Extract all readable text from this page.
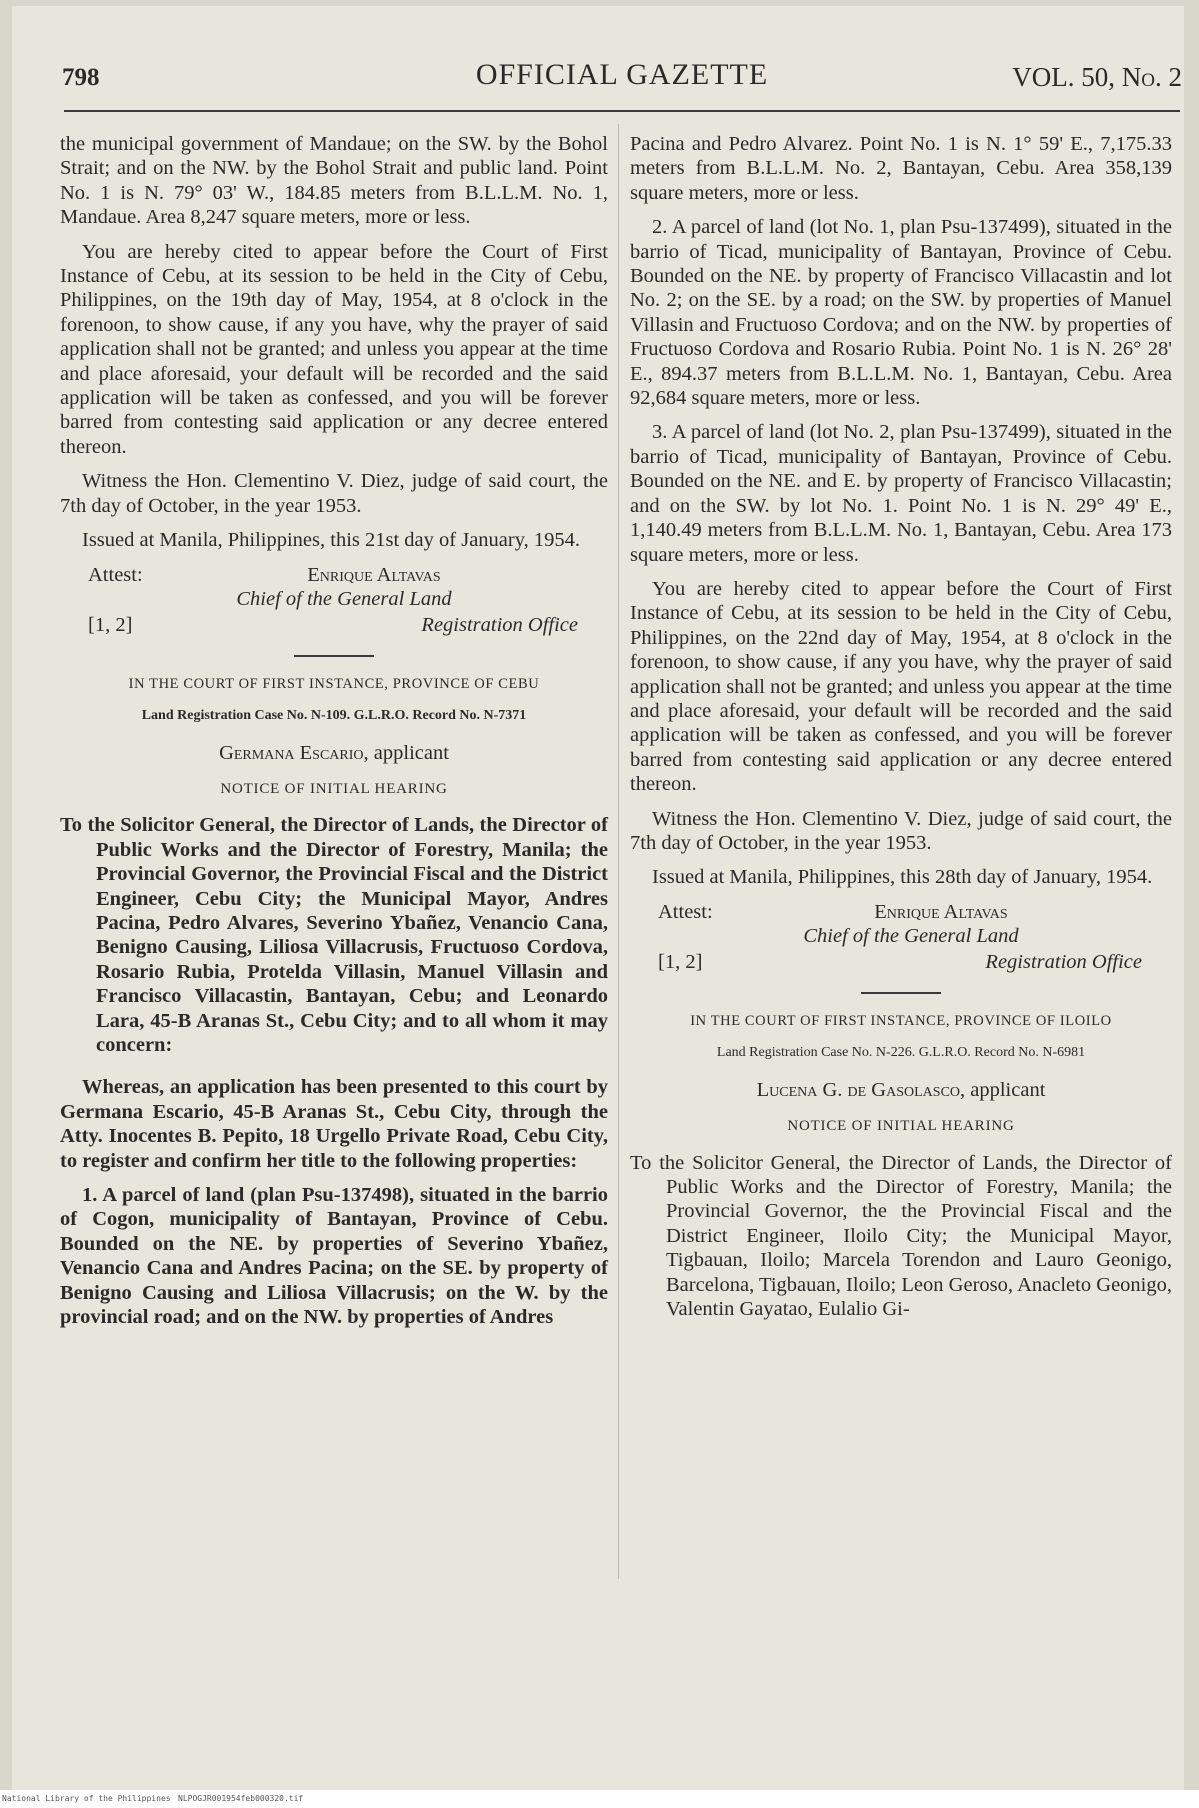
798	OFFICIAL GAZETTE	VOL. 50, No. 2

the municipal government of Mandaue; on the SW. by the Bohol Strait; and on the NW. by the Bohol Strait and public land. Point No. 1 is N. 79° 03' W., 184.85 meters from B.L.L.M. No. 1, Mandaue. Area 8,247 square meters, more or less.

You are hereby cited to appear before the Court of First Instance of Cebu, at its session to be held in the City of Cebu, Philippines, on the 19th day of May, 1954, at 8 o'clock in the forenoon, to show cause, if any you have, why the prayer of said application shall not be granted; and unless you appear at the time and place aforesaid, your default will be recorded and the said application will be taken as confessed, and you will be forever barred from contesting said application or any decree entered thereon.

Witness the Hon. Clementino V. Diez, judge of said court, the 7th day of October, in the year 1953.

Issued at Manila, Philippines, this 21st day of January, 1954.

Attest:	Enrique Altavas
Chief of the General Land
[1, 2]	Registration Office
IN THE COURT OF FIRST INSTANCE, PROVINCE OF CEBU
Land Registration Case No. N-109. G.L.R.O. Record No. N-7371
Germana Escario, applicant
NOTICE OF INITIAL HEARING

To the Solicitor General, the Director of Lands, the Director of Public Works and the Director of Forestry, Manila; the Provincial Governor, the Provincial Fiscal and the District Engineer, Cebu City; the Municipal Mayor, Andres Pacina, Pedro Alvares, Severino Ybañez, Venancio Cana, Benigno Causing, Liliosa Villacrusis, Fructuoso Cordova, Rosario Rubia, Protelda Villasin, Manuel Villasin and Francisco Villacastin, Bantayan, Cebu; and Leonardo Lara, 45-B Aranas St., Cebu City; and to all whom it may concern:

Whereas, an application has been presented to this court by Germana Escario, 45-B Aranas St., Cebu City, through the Atty. Inocentes B. Pepito, 18 Urgello Private Road, Cebu City, to register and confirm her title to the following properties:

1. A parcel of land (plan Psu-137498), situated in the barrio of Cogon, municipality of Bantayan, Province of Cebu. Bounded on the NE. by properties of Severino Ybañez, Venancio Cana and Andres Pacina; on the SE. by property of Benigno Causing and Liliosa Villacrusis; on the W. by the provincial road; and on the NW. by properties of Andres

Pacina and Pedro Alvarez. Point No. 1 is N. 1° 59' E., 7,175.33 meters from B.L.L.M. No. 2, Bantayan, Cebu. Area 358,139 square meters, more or less.

2. A parcel of land (lot No. 1, plan Psu-137499), situated in the barrio of Ticad, municipality of Bantayan, Province of Cebu. Bounded on the NE. by property of Francisco Villacastin and lot No. 2; on the SE. by a road; on the SW. by properties of Manuel Villasin and Fructuoso Cordova; and on the NW. by properties of Fructuoso Cordova and Rosario Rubia. Point No. 1 is N. 26° 28' E., 894.37 meters from B.L.L.M. No. 1, Bantayan, Cebu. Area 92,684 square meters, more or less.

3. A parcel of land (lot No. 2, plan Psu-137499), situated in the barrio of Ticad, municipality of Bantayan, Province of Cebu. Bounded on the NE. and E. by property of Francisco Villacastin; and on the SW. by lot No. 1. Point No. 1 is N. 29° 49' E., 1,140.49 meters from B.L.L.M. No. 1, Bantayan, Cebu. Area 173 square meters, more or less.

You are hereby cited to appear before the Court of First Instance of Cebu, at its session to be held in the City of Cebu, Philippines, on the 22nd day of May, 1954, at 8 o'clock in the forenoon, to show cause, if any you have, why the prayer of said application shall not be granted; and unless you appear at the time and place aforesaid, your default will be recorded and the said application will be taken as confessed, and you will be forever barred from contesting said application or any decree entered thereon.

Witness the Hon. Clementino V. Diez, judge of said court, the 7th day of October, in the year 1953.

Issued at Manila, Philippines, this 28th day of January, 1954.

Attest:	Enrique Altavas
Chief of the General Land
[1, 2]	Registration Office
IN THE COURT OF FIRST INSTANCE, PROVINCE OF ILOILO
Land Registration Case No. N-226. G.L.R.O. Record No. N-6981
Lucena G. de Gasolasco, applicant
NOTICE OF INITIAL HEARING

To the Solicitor General, the Director of Lands, the Director of Public Works and the Director of Forestry, Manila; the Provincial Governor, the the Provincial Fiscal and the District Engineer, Iloilo City; the Municipal Mayor, Tigbauan, Iloilo; Marcela Torendon and Lauro Geonigo, Barcelona, Tigbauan, Iloilo; Leon Geroso, Anacleto Geonigo, Valentin Gayatao, Eulalio Gi-

National Library of the Philippines NLPOGJR001954feb000320.tif
